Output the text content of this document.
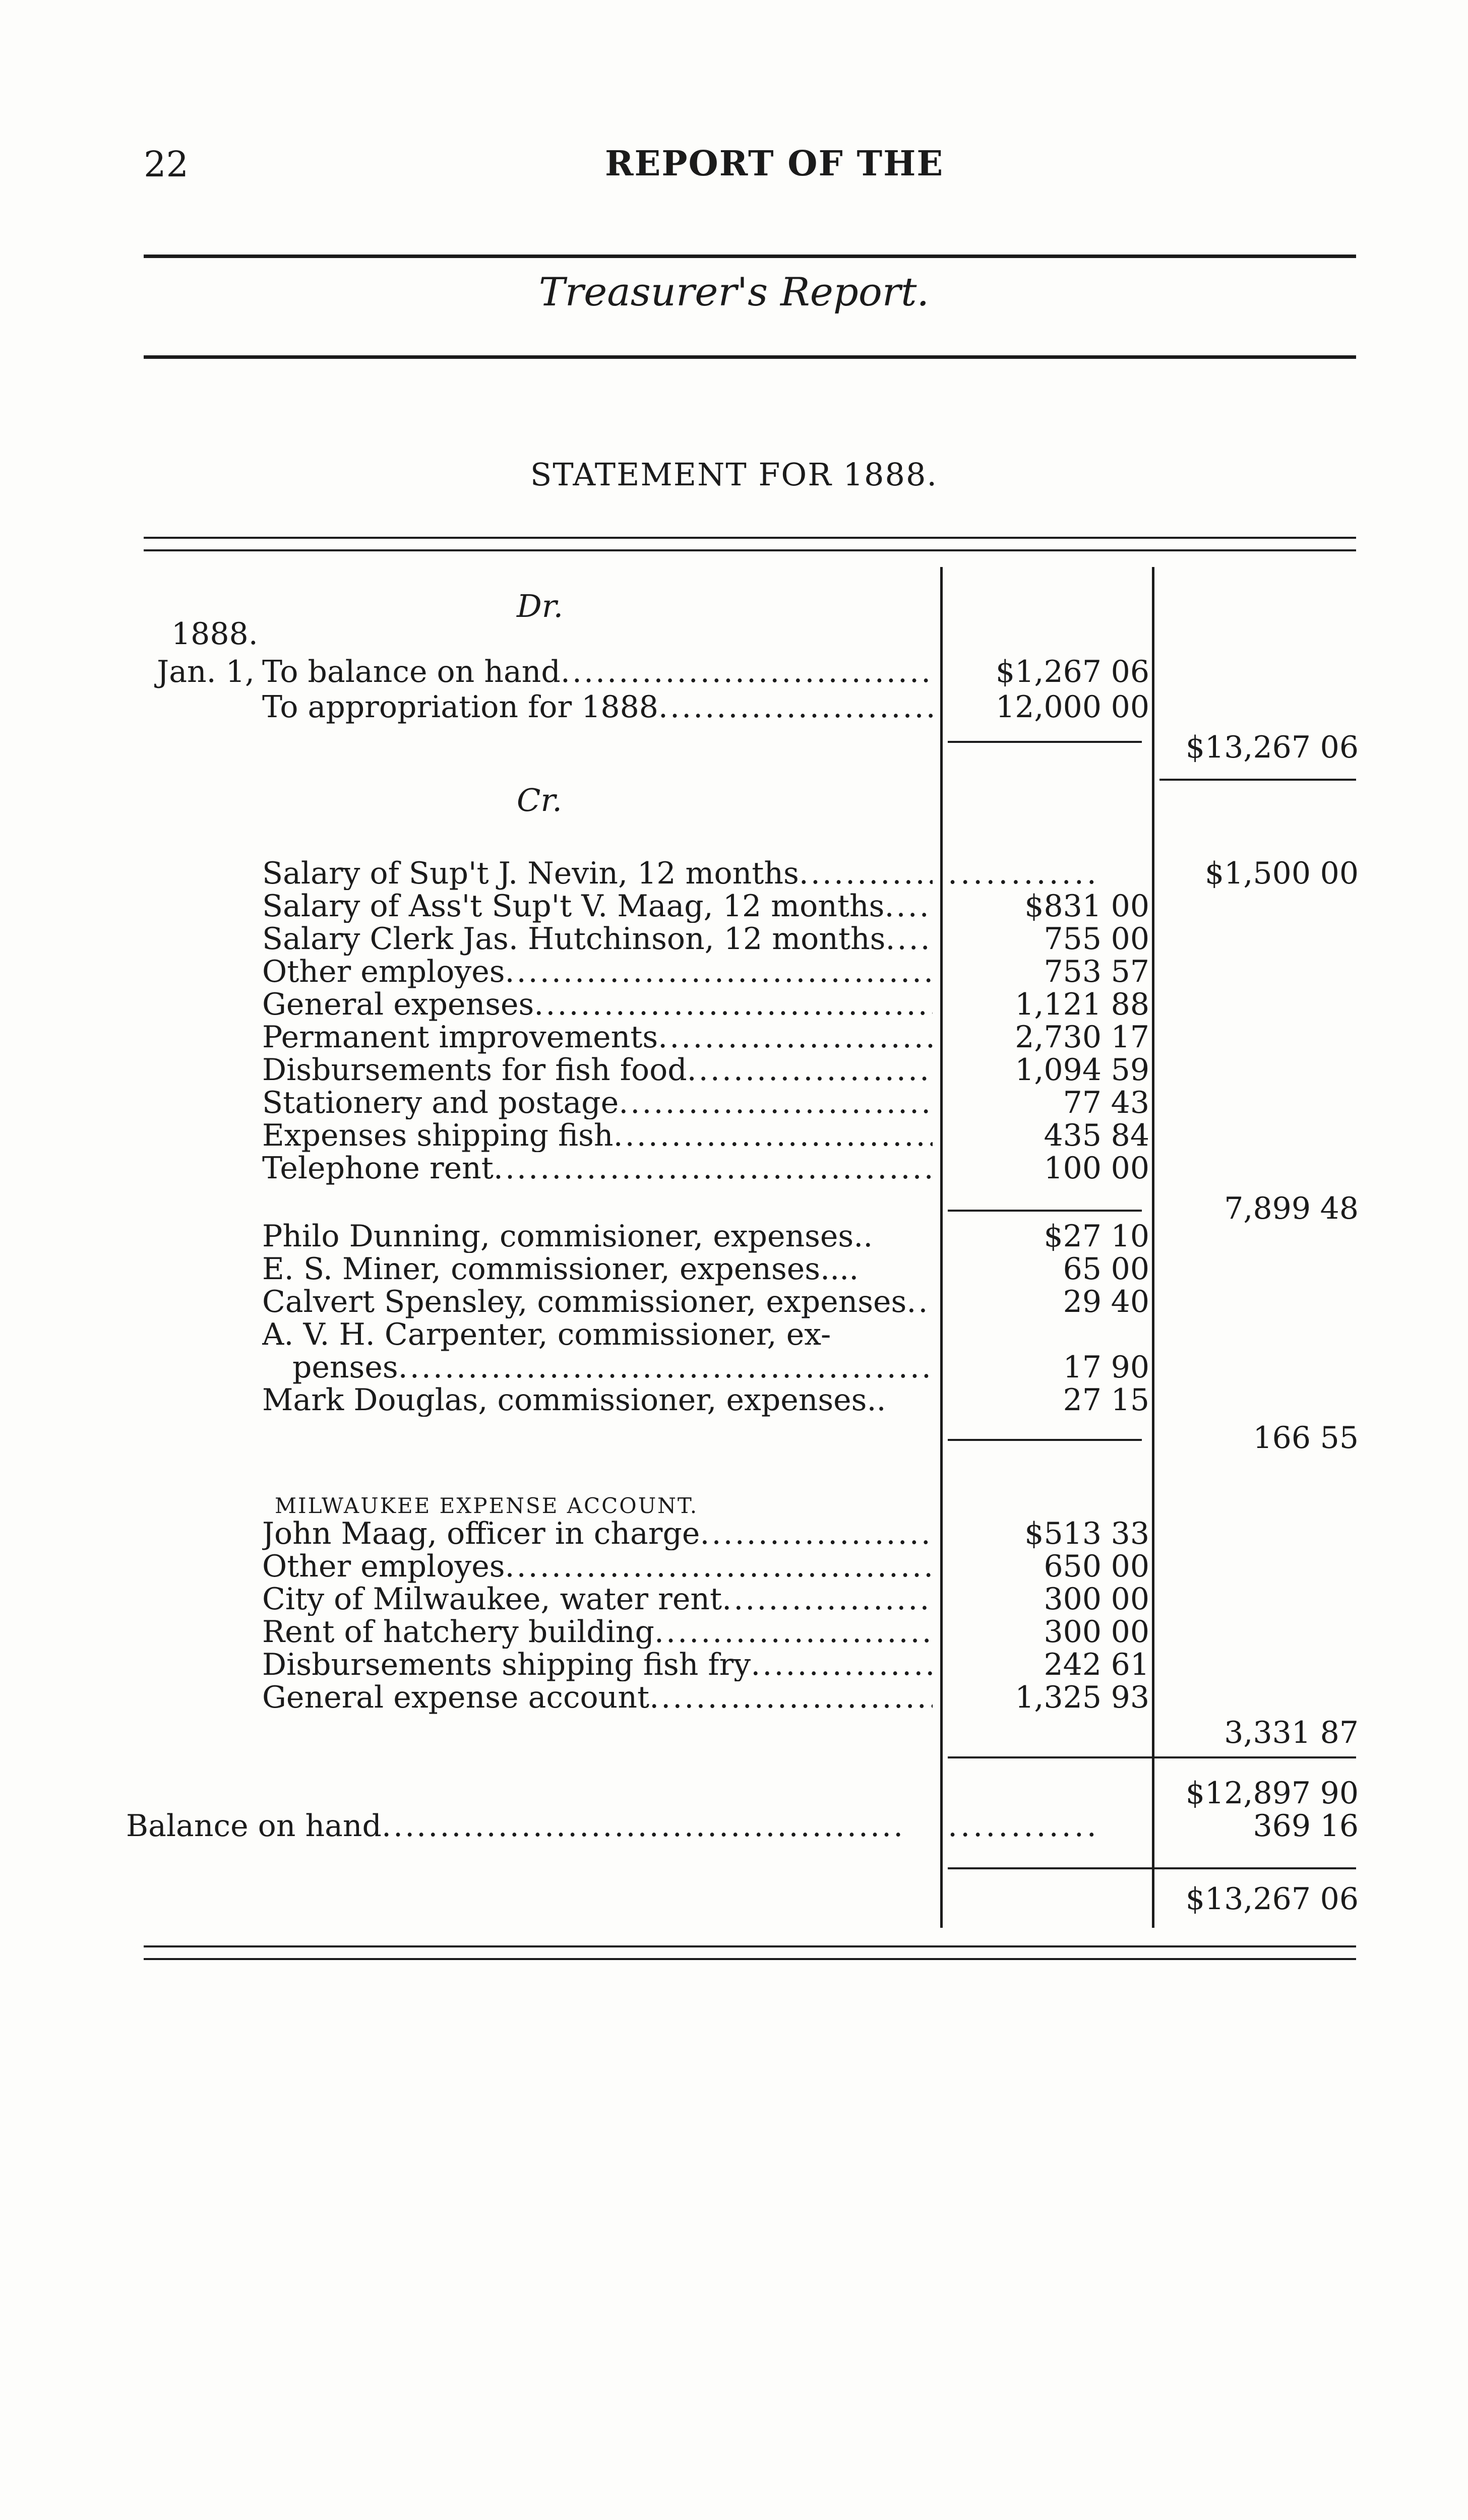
22	REPORT OF THE
Treasurer's Report.
STATEMENT FOR 1888.
Dr.
1888.
Jan. 1, To balance on hand .....	$1,267 06
To appropriation for 1888 .....	12,000 00
$13,267 06
Cr.
Salary of Sup't J. Nevin, 12 months .....	............	$1,500 00
Salary of Ass't Sup't V. Maag, 12 months .....	$831 00
Salary Clerk Jas. Hutchinson, 12 months .....	755 00
Other employes .....	753 57
General expenses .....	1,121 88
Permanent improvements .....	2,730 17
Disbursements for fish food .....	1,094 59
Stationery and postage .....	77 43
Expenses shipping fish .....	435 84
Telephone rent .....	100 00
7,899 48
Philo Dunning, commisioner, expenses..	$27 10
E. S. Miner, commissioner, expenses....	65 00
Calvert Spensley, commissioner, expenses .....	29 40
A. V. H. Carpenter, commissioner, ex-
penses .....	17 90
Mark Douglas, commissioner, expenses..	27 15
166 55
MILWAUKEE EXPENSE ACCOUNT.
John Maag, officer in charge .....	$513 33
Other employes .....	650 00
City of Milwaukee, water rent .....	300 00
Rent of hatchery building .....	300 00
Disbursements shipping fish fry .....	242 61
General expense account .....	1,325 93
3,331 87
$12,897 90
Balance on hand .....	............	369 16
$13,267 06
